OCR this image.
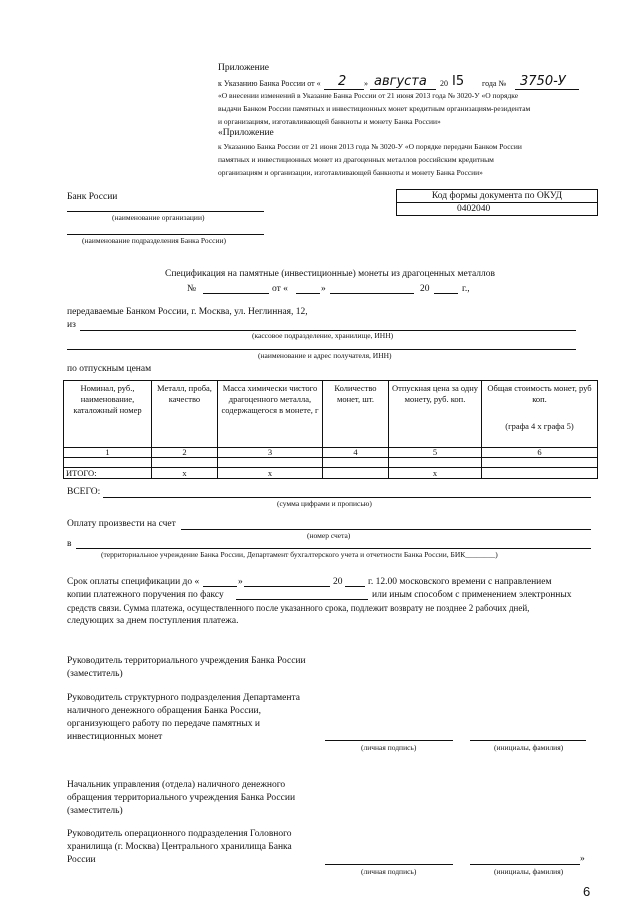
Приложение
к Указанию Банка России от « 2 » августа 20 I5 года № 3750-У
«О внесении изменений в Указание Банка России от 21 июня 2013 года № 3020-У «О порядке
выдачи Банком России памятных и инвестиционных монет кредитным организациям-резидентам
и организациям, изготавливающей банкноты и монету Банка России»
«Приложение
к Указанию Банка России от 21 июня 2013 года № 3020-У «О порядке передачи Банком России
памятных и инвестиционных монет из драгоценных металлов российским кредитным
организациям и организации, изготавливающей банкноты и монету Банка России»
Банк России
(наименование организации)
(наименование подразделения Банка России)
Код формы документа по ОКУД
0402040
Спецификация на памятные (инвестиционные) монеты из драгоценных металлов
№	от «	»	20	г.,
передаваемые Банком России, г. Москва, ул. Неглинная, 12,
из
(кассовое подразделение, хранилище, ИНН)
(наименование и адрес получателя, ИНН)
по отпускным ценам
Номинал, руб., наименование, каталожный номер	Металл, проба, качество	Масса химически чистого драгоценного металла, содержащегося в монете, г	Количество монет, шт.	Отпускная цена за одну монету, руб. коп.	Общая стоимость монет, руб коп.
(графа 4 x графа 5)

1	2	3	4	5	6

ИТОГО:	x	x		x	
ВСЕГО:
(сумма цифрами и прописью)
Оплату произвести на счет
(номер счета)
в
(территориальное учреждение Банка России, Департамент бухгалтерского учета и отчетности Банка России, БИК________)
Срок оплаты спецификации до «	»	20	г. 12.00 московского времени с направлением
копии платежного поручения по факсу	или иным способом с применением электронных
средств связи. Сумма платежа, осуществленного после указанного срока, подлежит возврату не позднее 2 рабочих дней,
следующих за днем поступления платежа.
Руководитель территориального учреждения Банка России
(заместитель)
Руководитель структурного подразделения Департамента
наличного денежного обращения Банка России,
организующего работу по передаче памятных и
инвестиционных монет
(личная подпись)	(инициалы, фамилия)
Начальник управления (отдела) наличного денежного
обращения территориального учреждения Банка России
(заместитель)
Руководитель операционного подразделения Головного
хранилища (г. Москва) Центрального хранилища Банка
России	»
(личная подпись)	(инициалы, фамилия)
6
